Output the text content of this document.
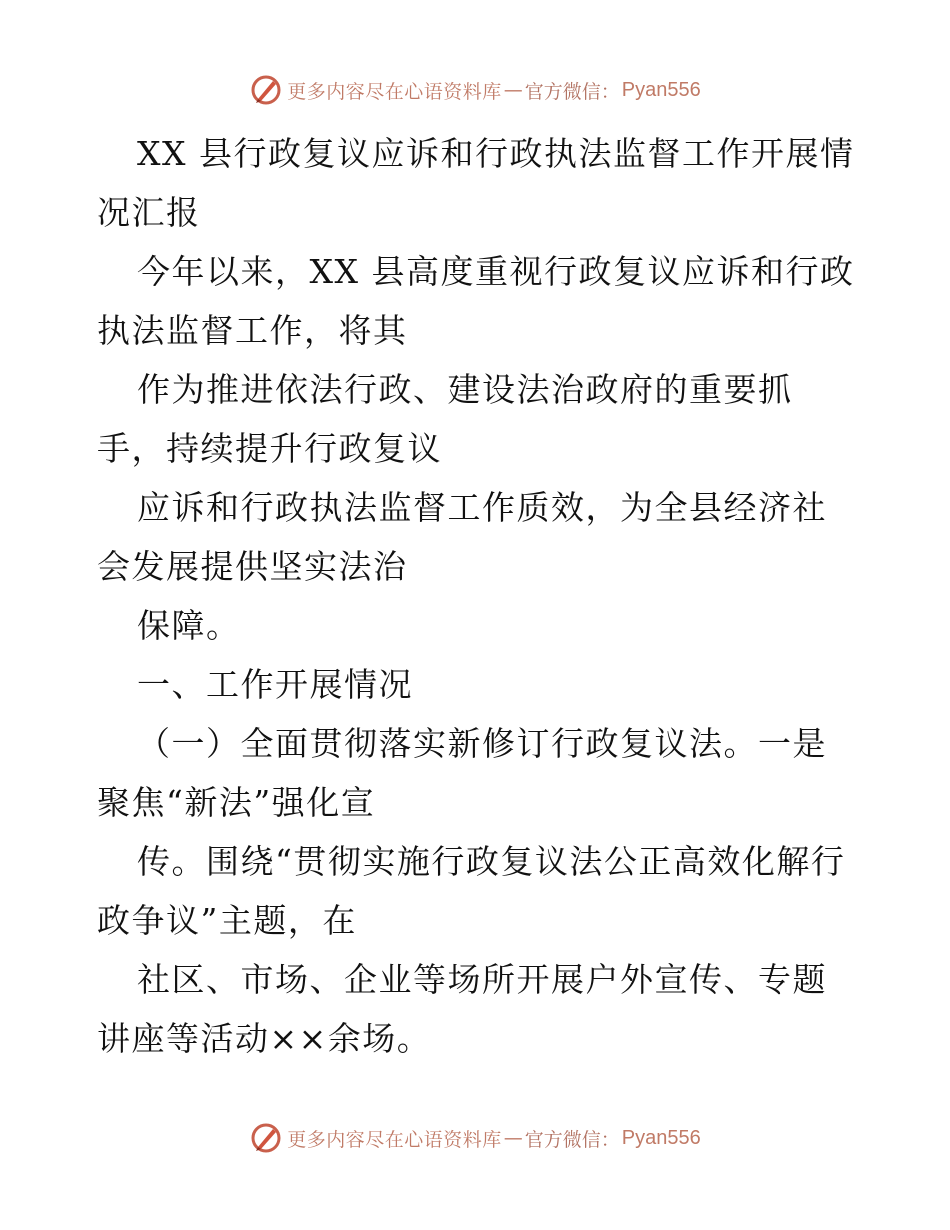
更多内容尽在心语资料库 — 官方微信： Pyan556

XX 县行政复议应诉和行政执法监督工作开展情况汇报

今年以来，XX 县高度重视行政复议应诉和行政执法监督工作，将其

作为推进依法行政、建设法治政府的重要抓手，持续提升行政复议

应诉和行政执法监督工作质效，为全县经济社会发展提供坚实法治

保障。

一、工作开展情况

（一）全面贯彻落实新修订行政复议法。一是聚焦“新法”强化宣

传。围绕“贯彻实施行政复议法公正高效化解行政争议”主题，在

社区、市场、企业等场所开展户外宣传、专题讲座等活动××余场。

更多内容尽在心语资料库 — 官方微信： Pyan556
